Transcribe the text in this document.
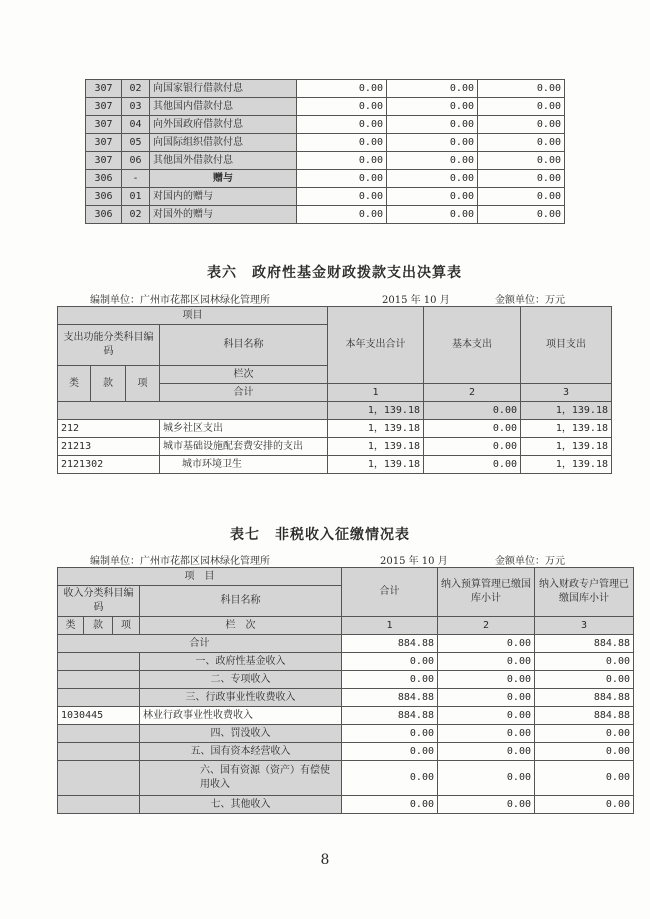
307	02	向国家银行借款付息	0.00	0.00	0.00
307	03	其他国内借款付息	0.00	0.00	0.00
307	04	向外国政府借款付息	0.00	0.00	0.00
307	05	向国际组织借款付息	0.00	0.00	0.00
307	06	其他国外借款付息	0.00	0.00	0.00
306	-	赠与	0.00	0.00	0.00
306	01	对国内的赠与	0.00	0.00	0.00
306	02	对国外的赠与	0.00	0.00	0.00
表六　政府性基金财政拨款支出决算表
编制单位：广州市花都区园林绿化管理所	2015 年 10 月	金额单位：万元
项目				本年支出合计	基本支出	项目支出
支出功能分类科目编码			科目名称			

类	款	项	栏次			
			合计	1	2	3
				1，139.18	0.00	1，139.18
212			城乡社区支出	1，139.18	0.00	1，139.18
21213			城市基础设施配套费安排的支出	1，139.18	0.00	1，139.18
2121302			城市环境卫生	1，139.18	0.00	1，139.18
表七　非税收入征缴情况表
编制单位：广州市花都区园林绿化管理所	2015 年 10 月	金额单位：万元
项　目				合计	纳入预算管理已缴国库小计	纳入财政专户管理已缴国库小计
收入分类科目编码			科目名称			
类	款	项				
			栏　次	1	2	3
合计				884.88	0.00	884.88
			一、政府性基金收入	0.00	0.00	0.00
			二、专项收入	0.00	0.00	0.00
			三、行政事业性收费收入	884.88	0.00	884.88
1030445			林业行政事业性收费收入	884.88	0.00	884.88
			四、罚没收入	0.00	0.00	0.00
			五、国有资本经营收入	0.00	0.00	0.00
			六、国有资源（资产）有偿使用收入	0.00	0.00	0.00
			七、其他收入	0.00	0.00	0.00
8
